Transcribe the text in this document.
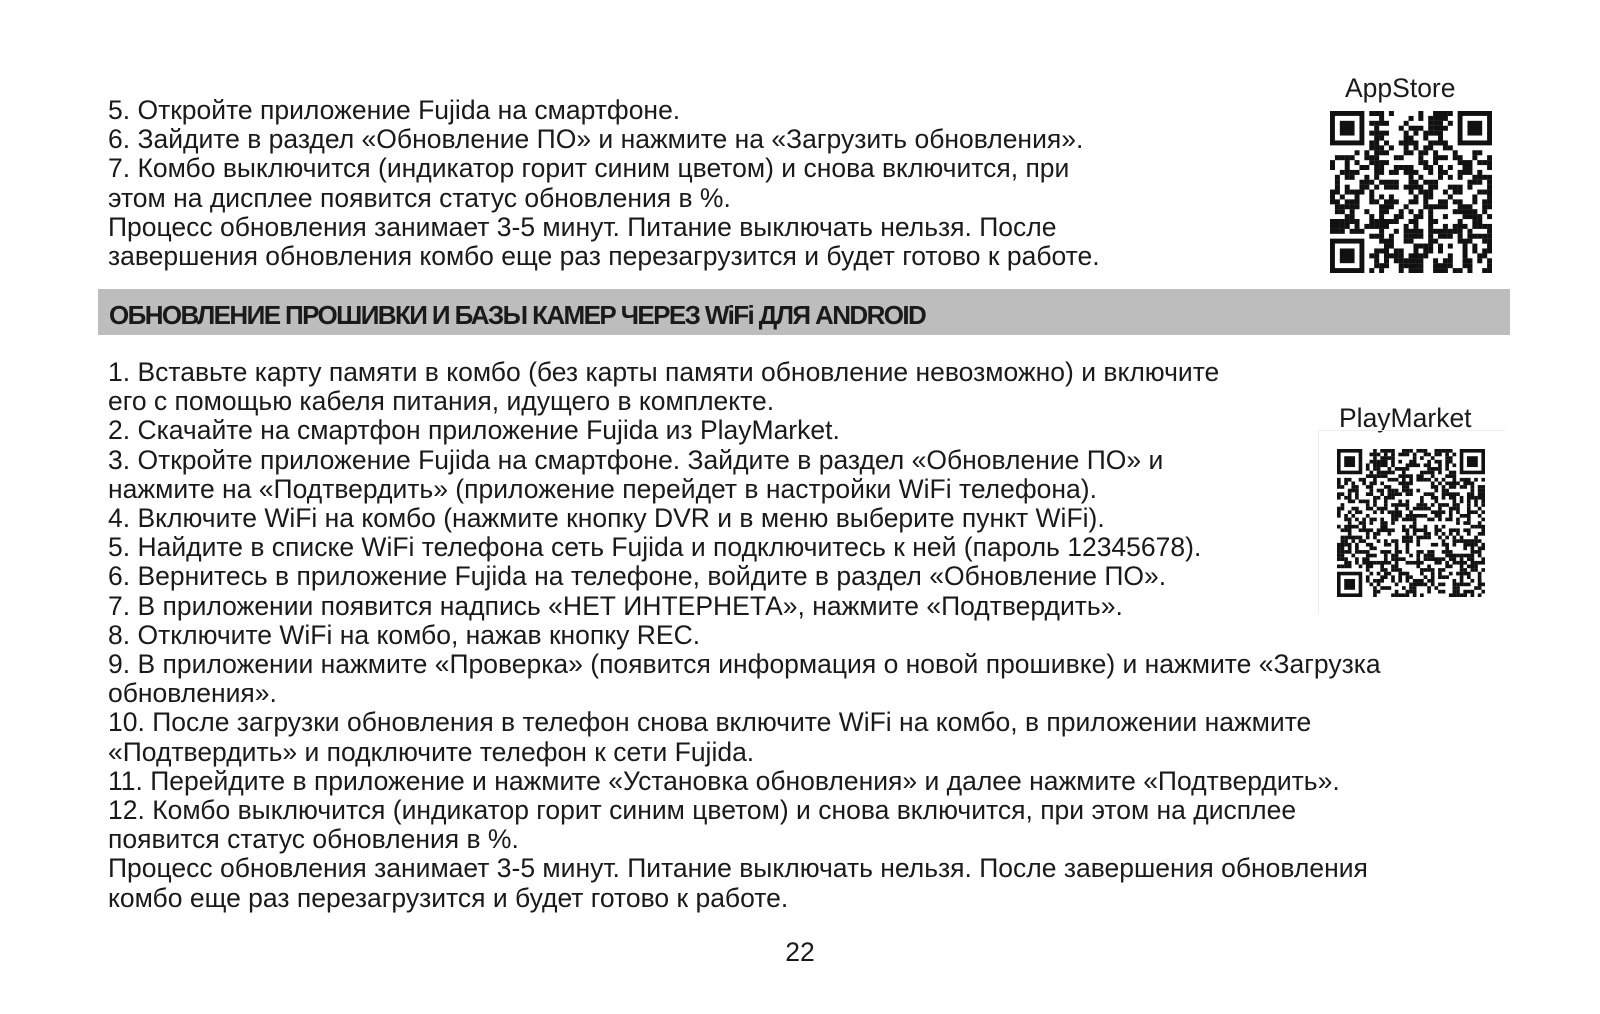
5. Откройте приложение Fujida на смартфоне.

6. Зайдите в раздел «Обновление ПО» и нажмите на «Загрузить обновления».

7. Комбо выключится (индикатор горит синим цветом) и снова включится, при

этом на дисплее появится статус обновления в %.

Процесс обновления занимает 3-5 минут. Питание выключать нельзя. После

завершения обновления комбо еще раз перезагрузится и будет готово к работе.

AppStore
ОБНОВЛЕНИЕ ПРОШИВКИ И БАЗЫ КАМЕР ЧЕРЕЗ WiFi ДЛЯ ANDROID

1. Вставьте карту памяти в комбо (без карты памяти обновление невозможно) и включите

его с помощью кабеля питания, идущего в комплекте.

2. Скачайте на смартфон приложение Fujida из PlayMarket.

3. Откройте приложение Fujida на смартфоне. Зайдите в раздел «Обновление ПО» и

нажмите на «Подтвердить» (приложение перейдет в настройки WiFi телефона).

4. Включите WiFi на комбо (нажмите кнопку DVR и в меню выберите пункт WiFi).

5. Найдите в списке WiFi телефона сеть Fujida и подключитесь к ней (пароль 12345678).

6. Вернитесь в приложение Fujida на телефоне, войдите в раздел «Обновление ПО».

7. В приложении появится надпись «НЕТ ИНТЕРНЕТА», нажмите «Подтвердить».

8. Отключите WiFi на комбо, нажав кнопку REC.

9. В приложении нажмите «Проверка» (появится информация о новой прошивке) и нажмите «Загрузка

обновления».

10. После загрузки обновления в телефон снова включите WiFi на комбо, в приложении нажмите

«Подтвердить» и подключите телефон к сети Fujida.

11. Перейдите в приложение и нажмите «Установка обновления» и далее нажмите «Подтвердить».

12. Комбо выключится (индикатор горит синим цветом) и снова включится, при этом на дисплее

появится статус обновления в %.

Процесс обновления занимает 3-5 минут. Питание выключать нельзя. После завершения обновления

комбо еще раз перезагрузится и будет готово к работе.

PlayMarket
22
